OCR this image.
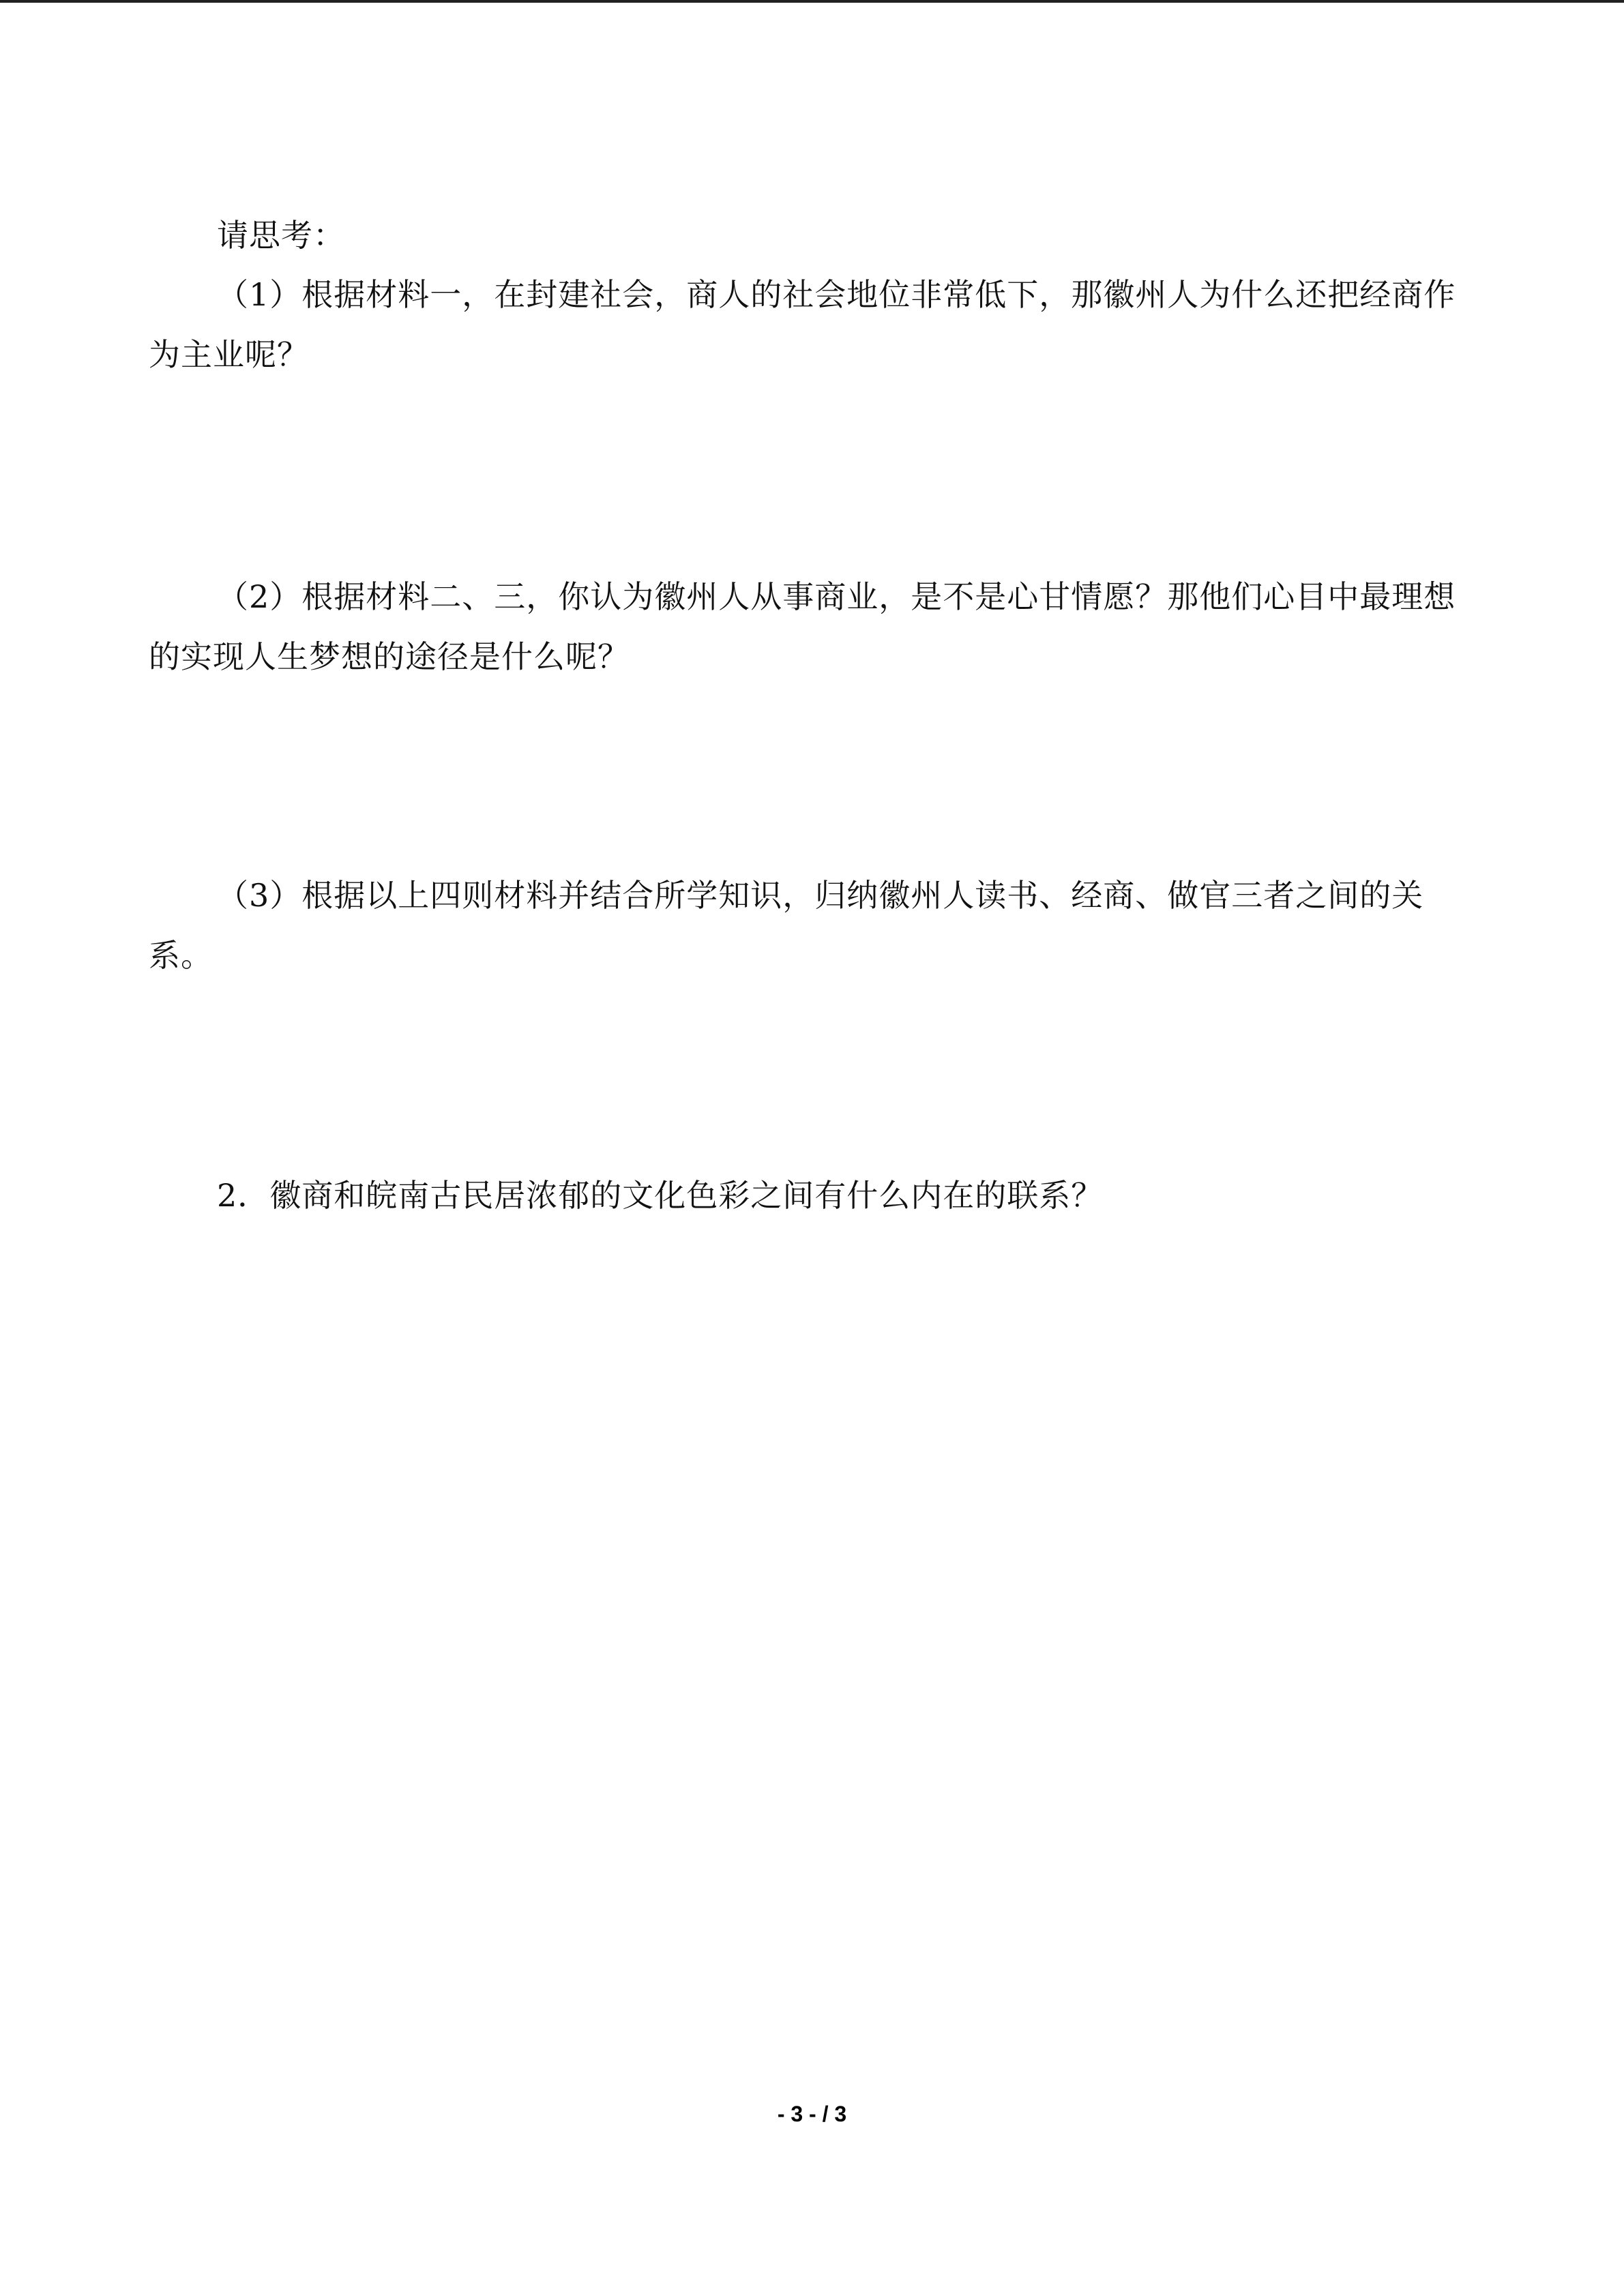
请思考：

（1）根据材料一，在封建社会，商人的社会地位非常低下，那徽州人为什么还把经商作

为主业呢？

（2）根据材料二、三，你认为徽州人从事商业，是不是心甘情愿？那他们心目中最理想

的实现人生梦想的途径是什么呢？

（3）根据以上四则材料并结合所学知识，归纳徽州人读书、经商、做官三者之间的关

系。

2．徽商和皖南古民居浓郁的文化色彩之间有什么内在的联系？

- 3 - / 3
